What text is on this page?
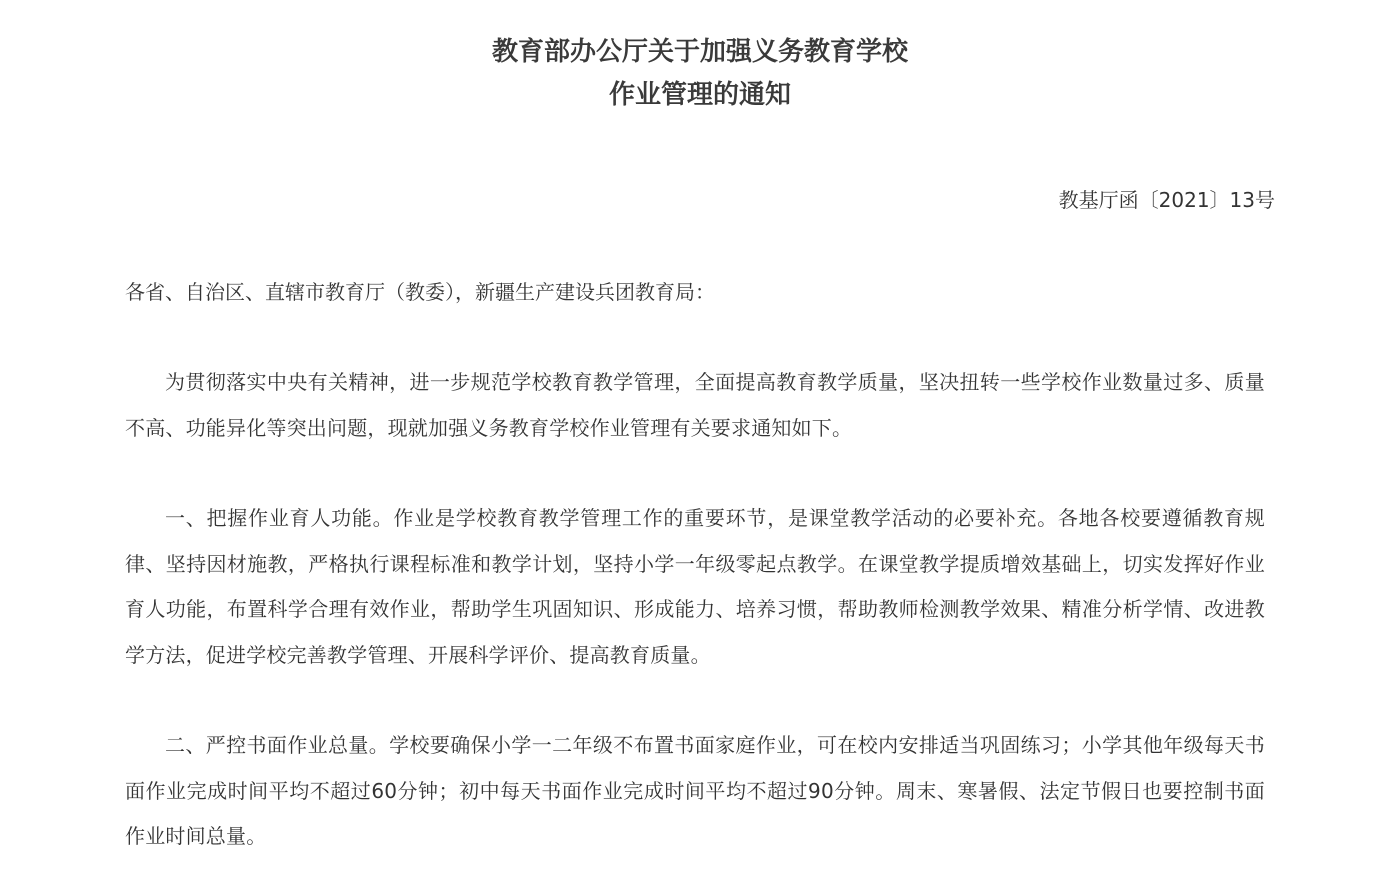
教育部办公厅关于加强义务教育学校
作业管理的通知
教基厅函〔2021〕13号
各省、自治区、直辖市教育厅（教委），新疆生产建设兵团教育局：

为贯彻落实中央有关精神，进一步规范学校教育教学管理，全面提高教育教学质量，坚决扭转一些学校作业数量过多、质量不高、功能异化等突出问题，现就加强义务教育学校作业管理有关要求通知如下。

一、把握作业育人功能。作业是学校教育教学管理工作的重要环节，是课堂教学活动的必要补充。各地各校要遵循教育规律、坚持因材施教，严格执行课程标准和教学计划，坚持小学一年级零起点教学。在课堂教学提质增效基础上，切实发挥好作业育人功能，布置科学合理有效作业，帮助学生巩固知识、形成能力、培养习惯，帮助教师检测教学效果、精准分析学情、改进教学方法，促进学校完善教学管理、开展科学评价、提高教育质量。

二、严控书面作业总量。学校要确保小学一二年级不布置书面家庭作业，可在校内安排适当巩固练习；小学其他年级每天书面作业完成时间平均不超过60分钟；初中每天书面作业完成时间平均不超过90分钟。周末、寒暑假、法定节假日也要控制书面作业时间总量。
